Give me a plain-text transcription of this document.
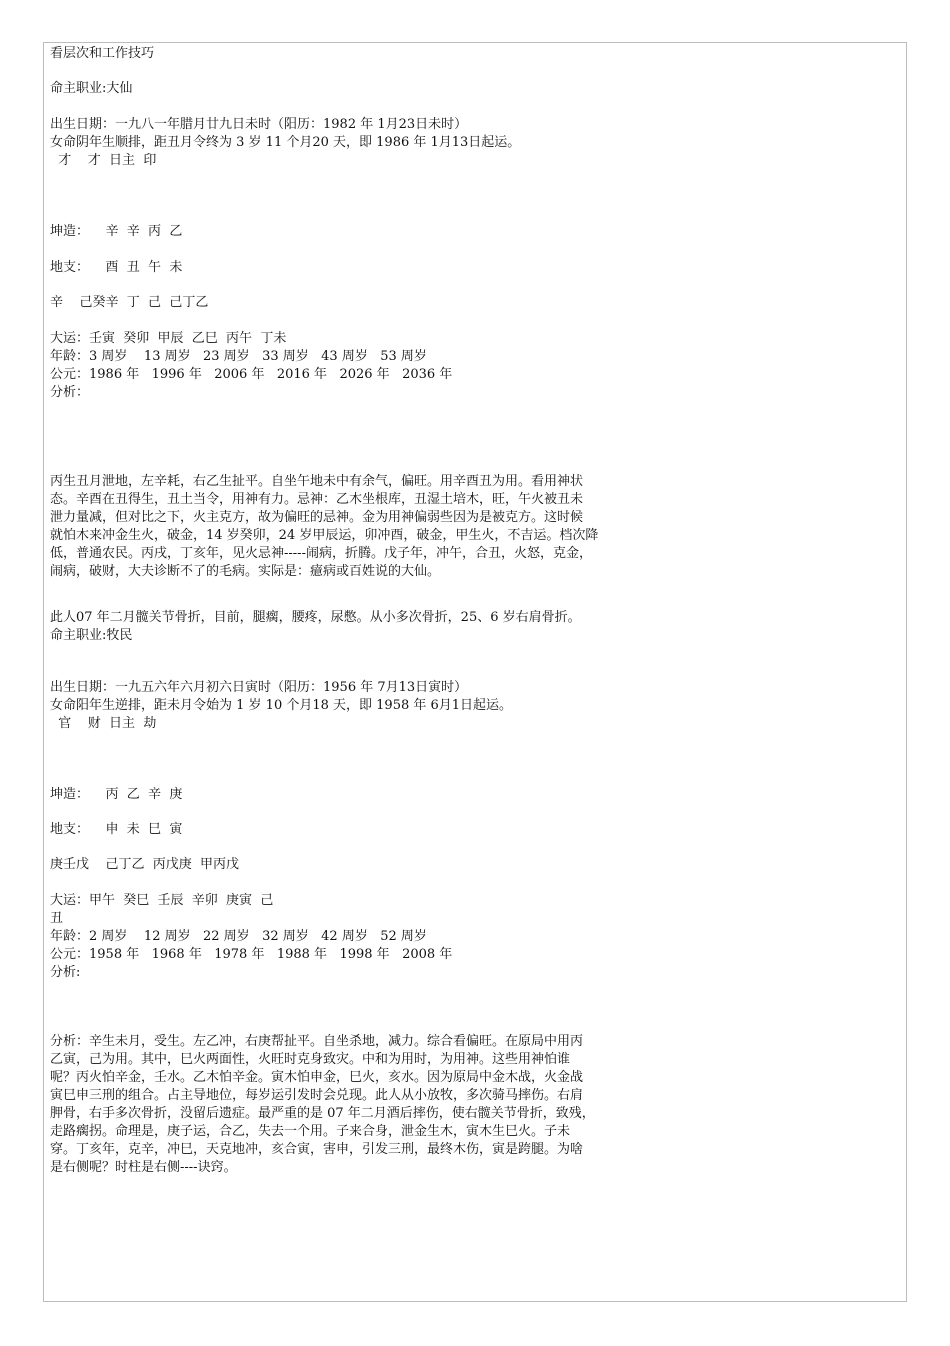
看层次和工作技巧
命主职业:大仙
出生日期：一九八一年腊月廿九日未时（阳历：1982 年 1月23日未时）
女命阴年生顺排，距丑月令终为 3 岁 11 个月20 天，即 1986 年 1月13日起运。
才    才  日主  印
坤造：    辛  辛  丙  乙
地支：    酉  丑  午  未
辛    己癸辛  丁  己  己丁乙
大运：壬寅  癸卯  甲辰  乙巳  丙午  丁未
年龄：3 周岁    13 周岁   23 周岁   33 周岁   43 周岁   53 周岁
公元：1986 年   1996 年   2006 年   2016 年   2026 年   2036 年
分析：
丙生丑月泄地，左辛耗，右乙生扯平。自坐午地未中有余气，偏旺。用辛酉丑为用。看用神状
态。辛酉在丑得生，丑土当令，用神有力。忌神：乙木坐根库，丑湿土培木，旺，午火被丑未
泄力量减，但对比之下，火主克方，故为偏旺的忌神。金为用神偏弱些因为是被克方。这时候
就怕木来冲金生火，破金，14 岁癸卯，24 岁甲辰运，卯冲酉，破金，甲生火，不吉运。档次降
低，普通农民。丙戌，丁亥年，见火忌神-----闹病，折腾。戊子年，冲午，合丑，火怒，克金，
闹病，破财，大夫诊断不了的毛病。实际是：癔病或百姓说的大仙。
此人07 年二月髋关节骨折，目前，腿瘸，腰疼，尿憋。从小多次骨折，25、6 岁右肩骨折。
命主职业:牧民
出生日期：一九五六年六月初六日寅时（阳历：1956 年 7月13日寅时）
女命阳年生逆排，距未月令始为 1 岁 10 个月18 天，即 1958 年 6月1日起运。
官    财  日主  劫
坤造：    丙  乙  辛  庚
地支：    申  未  巳  寅
庚壬戊    己丁乙  丙戊庚  甲丙戊
大运：甲午  癸巳  壬辰  辛卯  庚寅  己
丑
年龄：2 周岁    12 周岁   22 周岁   32 周岁   42 周岁   52 周岁
公元：1958 年   1968 年   1978 年   1988 年   1998 年   2008 年
分析:
分析：辛生未月，受生。左乙冲，右庚帮扯平。自坐杀地，减力。综合看偏旺。在原局中用丙
乙寅，己为用。其中，巳火两面性，火旺时克身致灾。中和为用时，为用神。这些用神怕谁
呢？丙火怕辛金，壬水。乙木怕辛金。寅木怕申金，巳火，亥水。因为原局中金木战，火金战
寅巳申三刑的组合。占主导地位，每岁运引发时会兑现。此人从小放牧，多次骑马摔伤。右肩
胛骨，右手多次骨折，没留后遗症。最严重的是 07 年二月酒后摔伤，使右髋关节骨折，致残，
走路瘸拐。命理是，庚子运，合乙，失去一个用。子来合身，泄金生木，寅木生巳火。子未
穿。丁亥年，克辛，冲巳，天克地冲，亥合寅，害申，引发三刑，最终木伤，寅是跨腿。为啥
是右侧呢？时柱是右侧----诀窍。
